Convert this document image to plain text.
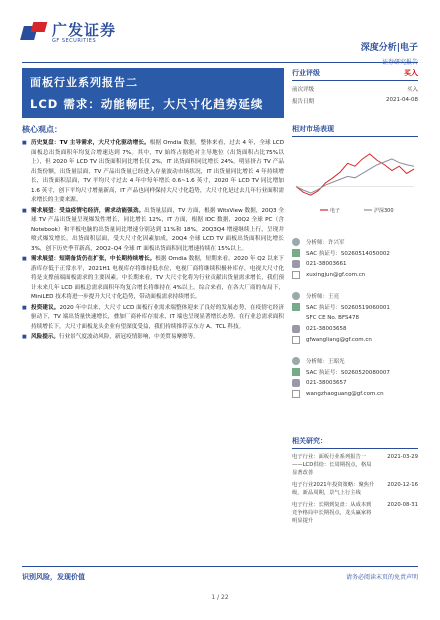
广发证券
GF SECURITIES
深度分析|电子
面板行业系列报告二
LCD 需求：动能畅旺，大尺寸化趋势延续
行业评级	买入
前次评级	买入
报告日期	2021-04-08
相对市场表现
电子	沪深300
分析师： 许兴军
SAC 执证号：S0260514050002
021-38003661
xuxingjun@gf.com.cn
分析师： 王亮
SAC 执证号：S0260519060001
SFC CE No. BFS478
021-38003658
gfwangliang@gf.com.cn
分析师： 王昭光
SAC 执证号：S0260520080007
021-38003657
wangzhaoguang@gf.com.cn
相关研究：
电子行业：面板行业系列报告一——LCD供给：长周期拐点，格局显著改善
2021-03-29
电子行业2021年投资策略：聚焦升级，新品周期，景气上行主线
2020-12-16
电子行业：长期到复盘：从成本到竞争格局中长期拐点，龙头赢家将明显提升
2020-08-31
核心观点：
■ 历史复盘：TV 主导需求，大尺寸化驱动增长。根据 Omdia 数据，整体来看，过去 4 年，全球 LCD 面板总出货面积年均复合增速达到 7%。其中，TV 始终占据绝对主导地位（出货面积占比75%以上），但 2020 年 LCD TV 出货面积同比增长仅 2%，IT 出货面积同比增长 24%。明显挤占 TV 产品出货份额，出货量层面，TV 产品出货量已经进入存量波动市场状况，IT 出货量同比增长 4 年持续增长，出货面积层面，TV 平均尺寸过去 4 年中每年增长 0.6~1.6 英寸，2020 年 LCD TV 同比增加 1.6 英寸，创下平均尺寸增量新高，IT 产品也同样保持大尺寸化趋势，大尺寸化是过去几年行业面积需求增长的主要来源。
■ 需求展望：受益疫情宅经济，需求动能强劲。出货量层面，TV 方面，根据 WitsView 数据，20Q3 全球 TV 产品出货量呈现爆发性增长，同比增长 12%，IT 方面，根据 IDC 数据，20Q2 全球 PC（含 Notebook）和平板电脑的出货量同比增速分别达到 11%和 18%，20Q3Q4 增速继续上行，呈现井喷式爆发增长。出货面积层面，受大尺寸化因素加成，20Q4 全球 LCD TV 面板出货面积同比增长 3%，创下历史季节新高，20Q2–Q4 全球 IT 面板出货面积同比增速持续在 15%以上。
■ 需求展望：短期备货仍在扩张，中长期持续增长。根据 Omdia 数据，短期来看，2020 年 Q2 以来下游库存低于正常水平，2021H1 电视库存将维持低水位，电视厂商将继续积极补库存，电视大尺寸化将是支撑前端面板需求的主要因素。中长期来看，TV 大尺寸化将为行业贡献出货量需求增长，我们预计未来几年 LCD 面板总需求面积年均复合增长将维持在 4%以上。综合来看，在各大厂商的布局下，MiniLED 技术将进一步提升大尺寸化趋势，带动面板需求持续增长。
■ 投资建议。2020 年中以来，大尺寸 LCD 面板行业需求端整体迎来了良好的发展态势，在疫情宅经济驱动下，TV 端出货量快速增长，叠加厂商补库存需求，IT 端也呈现显著增长态势。在行业总需求面积持续增长下，大尺寸面板龙头企业有望深度受益，我们持续推荐京东方 A、TCL 科技。
■ 风险提示。行业景气度波动风险，新冠疫情影响，中美贸易摩擦等。
识别风险，发现价值	请务必阅读末页的免责声明
1 / 22
